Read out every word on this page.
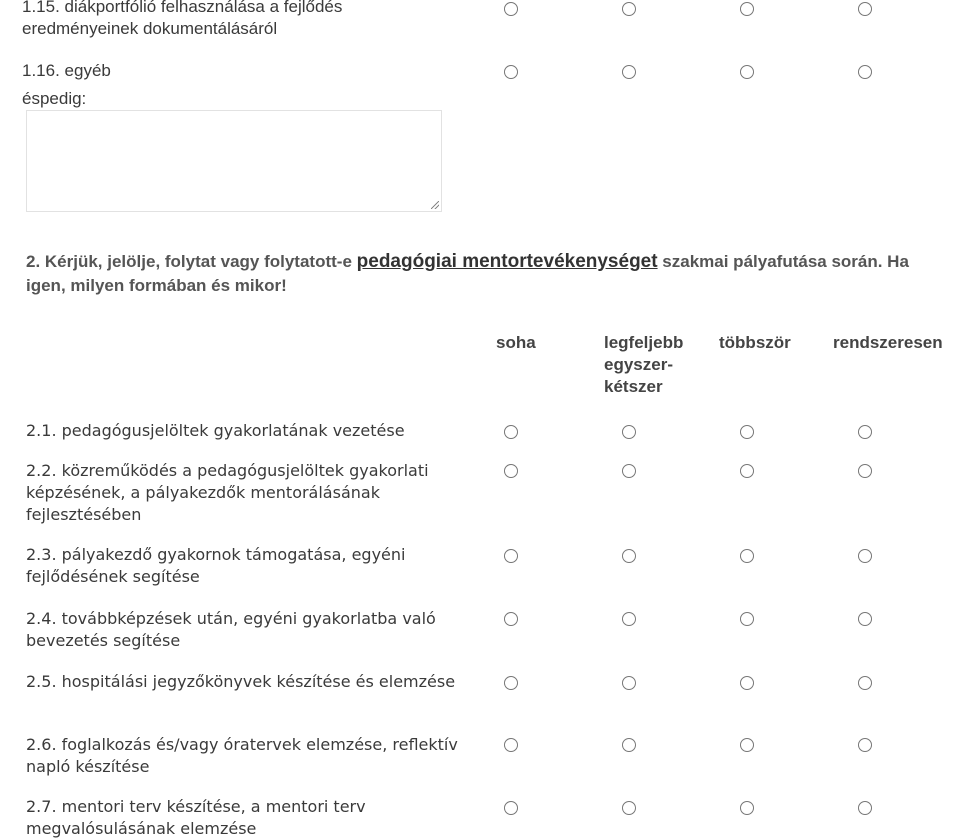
1.15. diákportfólió felhasználása a fejlődés eredményeinek dokumentálásáról
1.16. egyéb
éspedig:
2. Kérjük, jelölje, folytat vagy folytatott-e pedagógiai mentortevékenységet szakmai pályafutása során. Ha igen, milyen formában és mikor!
soha	legfeljebb egyszer-kétszer
többször rendszeresen
2.1. pedagógusjelöltek gyakorlatának vezetése
2.2. közreműködés a pedagógusjelöltek gyakorlati képzésének, a pályakezdők mentorálásának fejlesztésében
2.3. pályakezdő gyakornok támogatása, egyéni fejlődésének segítése
2.4. továbbképzések után, egyéni gyakorlatba való bevezetés segítése
2.5. hospitálási jegyzőkönyvek készítése és elemzése
2.6. foglalkozás és/vagy óratervek elemzése, reflektív napló készítése
2.7. mentori terv készítése, a mentori terv megvalósulásának elemzése
